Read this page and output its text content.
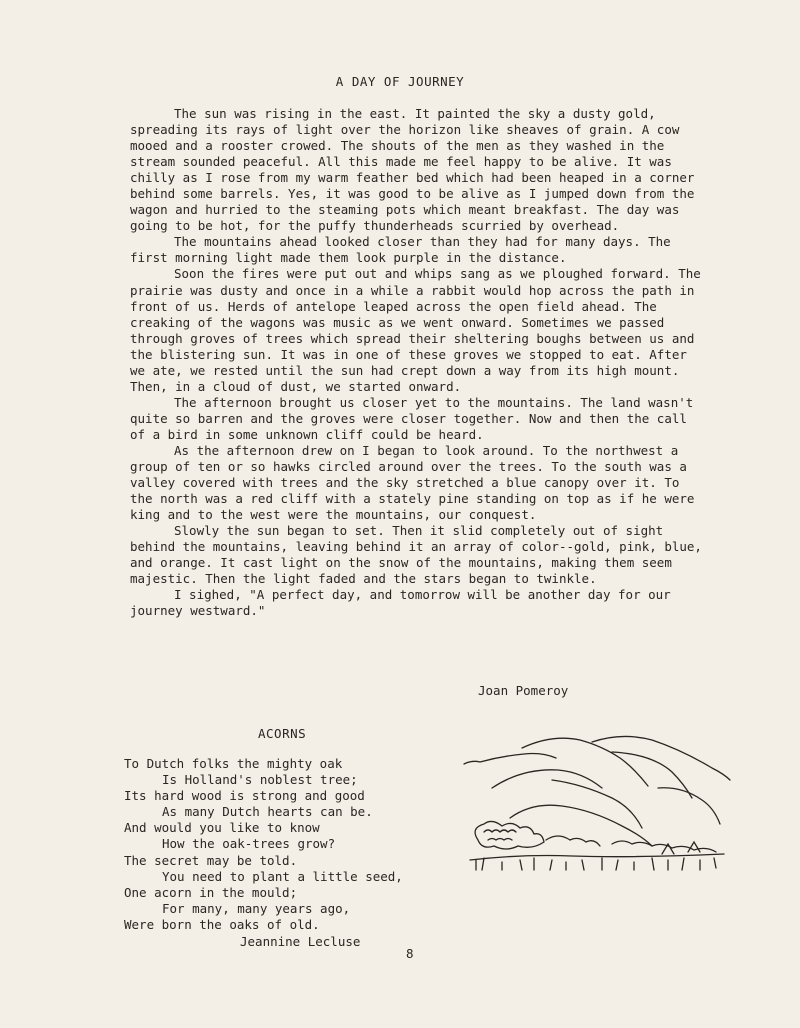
A DAY OF JOURNEY

The sun was rising in the east. It painted the sky a dusty gold, spreading its rays of light over the horizon like sheaves of grain. A cow mooed and a rooster crowed. The shouts of the men as they washed in the stream sounded peaceful. All this made me feel happy to be alive. It was chilly as I rose from my warm feather bed which had been heaped in a corner behind some barrels. Yes, it was good to be alive as I jumped down from the wagon and hurried to the steaming pots which meant breakfast. The day was going to be hot, for the puffy thunderheads scurried by overhead.

The mountains ahead looked closer than they had for many days. The first morning light made them look purple in the distance.

Soon the fires were put out and whips sang as we ploughed forward. The prairie was dusty and once in a while a rabbit would hop across the path in front of us. Herds of antelope leaped across the open field ahead. The creaking of the wagons was music as we went onward. Sometimes we passed through groves of trees which spread their sheltering boughs between us and the blistering sun. It was in one of these groves we stopped to eat. After we ate, we rested until the sun had crept down a way from its high mount. Then, in a cloud of dust, we started onward.

The afternoon brought us closer yet to the mountains. The land wasn't quite so barren and the groves were closer together. Now and then the call of a bird in some unknown cliff could be heard.

As the afternoon drew on I began to look around. To the northwest a group of ten or so hawks circled around over the trees. To the south was a valley covered with trees and the sky stretched a blue canopy over it. To the north was a red cliff with a stately pine standing on top as if he were king and to the west were the mountains, our conquest.

Slowly the sun began to set. Then it slid completely out of sight behind the mountains, leaving behind it an array of color--gold, pink, blue, and orange. It cast light on the snow of the mountains, making them seem majestic. Then the light faded and the stars began to twinkle.

I sighed, "A perfect day, and tomorrow will be another day for our journey westward."

Joan Pomeroy
ACORNS
To Dutch folks the mighty oak
Is Holland's noblest tree;
Its hard wood is strong and good
As many Dutch hearts can be.
And would you like to know
How the oak-trees grow?
The secret may be told.
You need to plant a little seed,
One acorn in the mould;
For many, many years ago,
Were born the oaks of old.
Jeannine Lecluse
8
